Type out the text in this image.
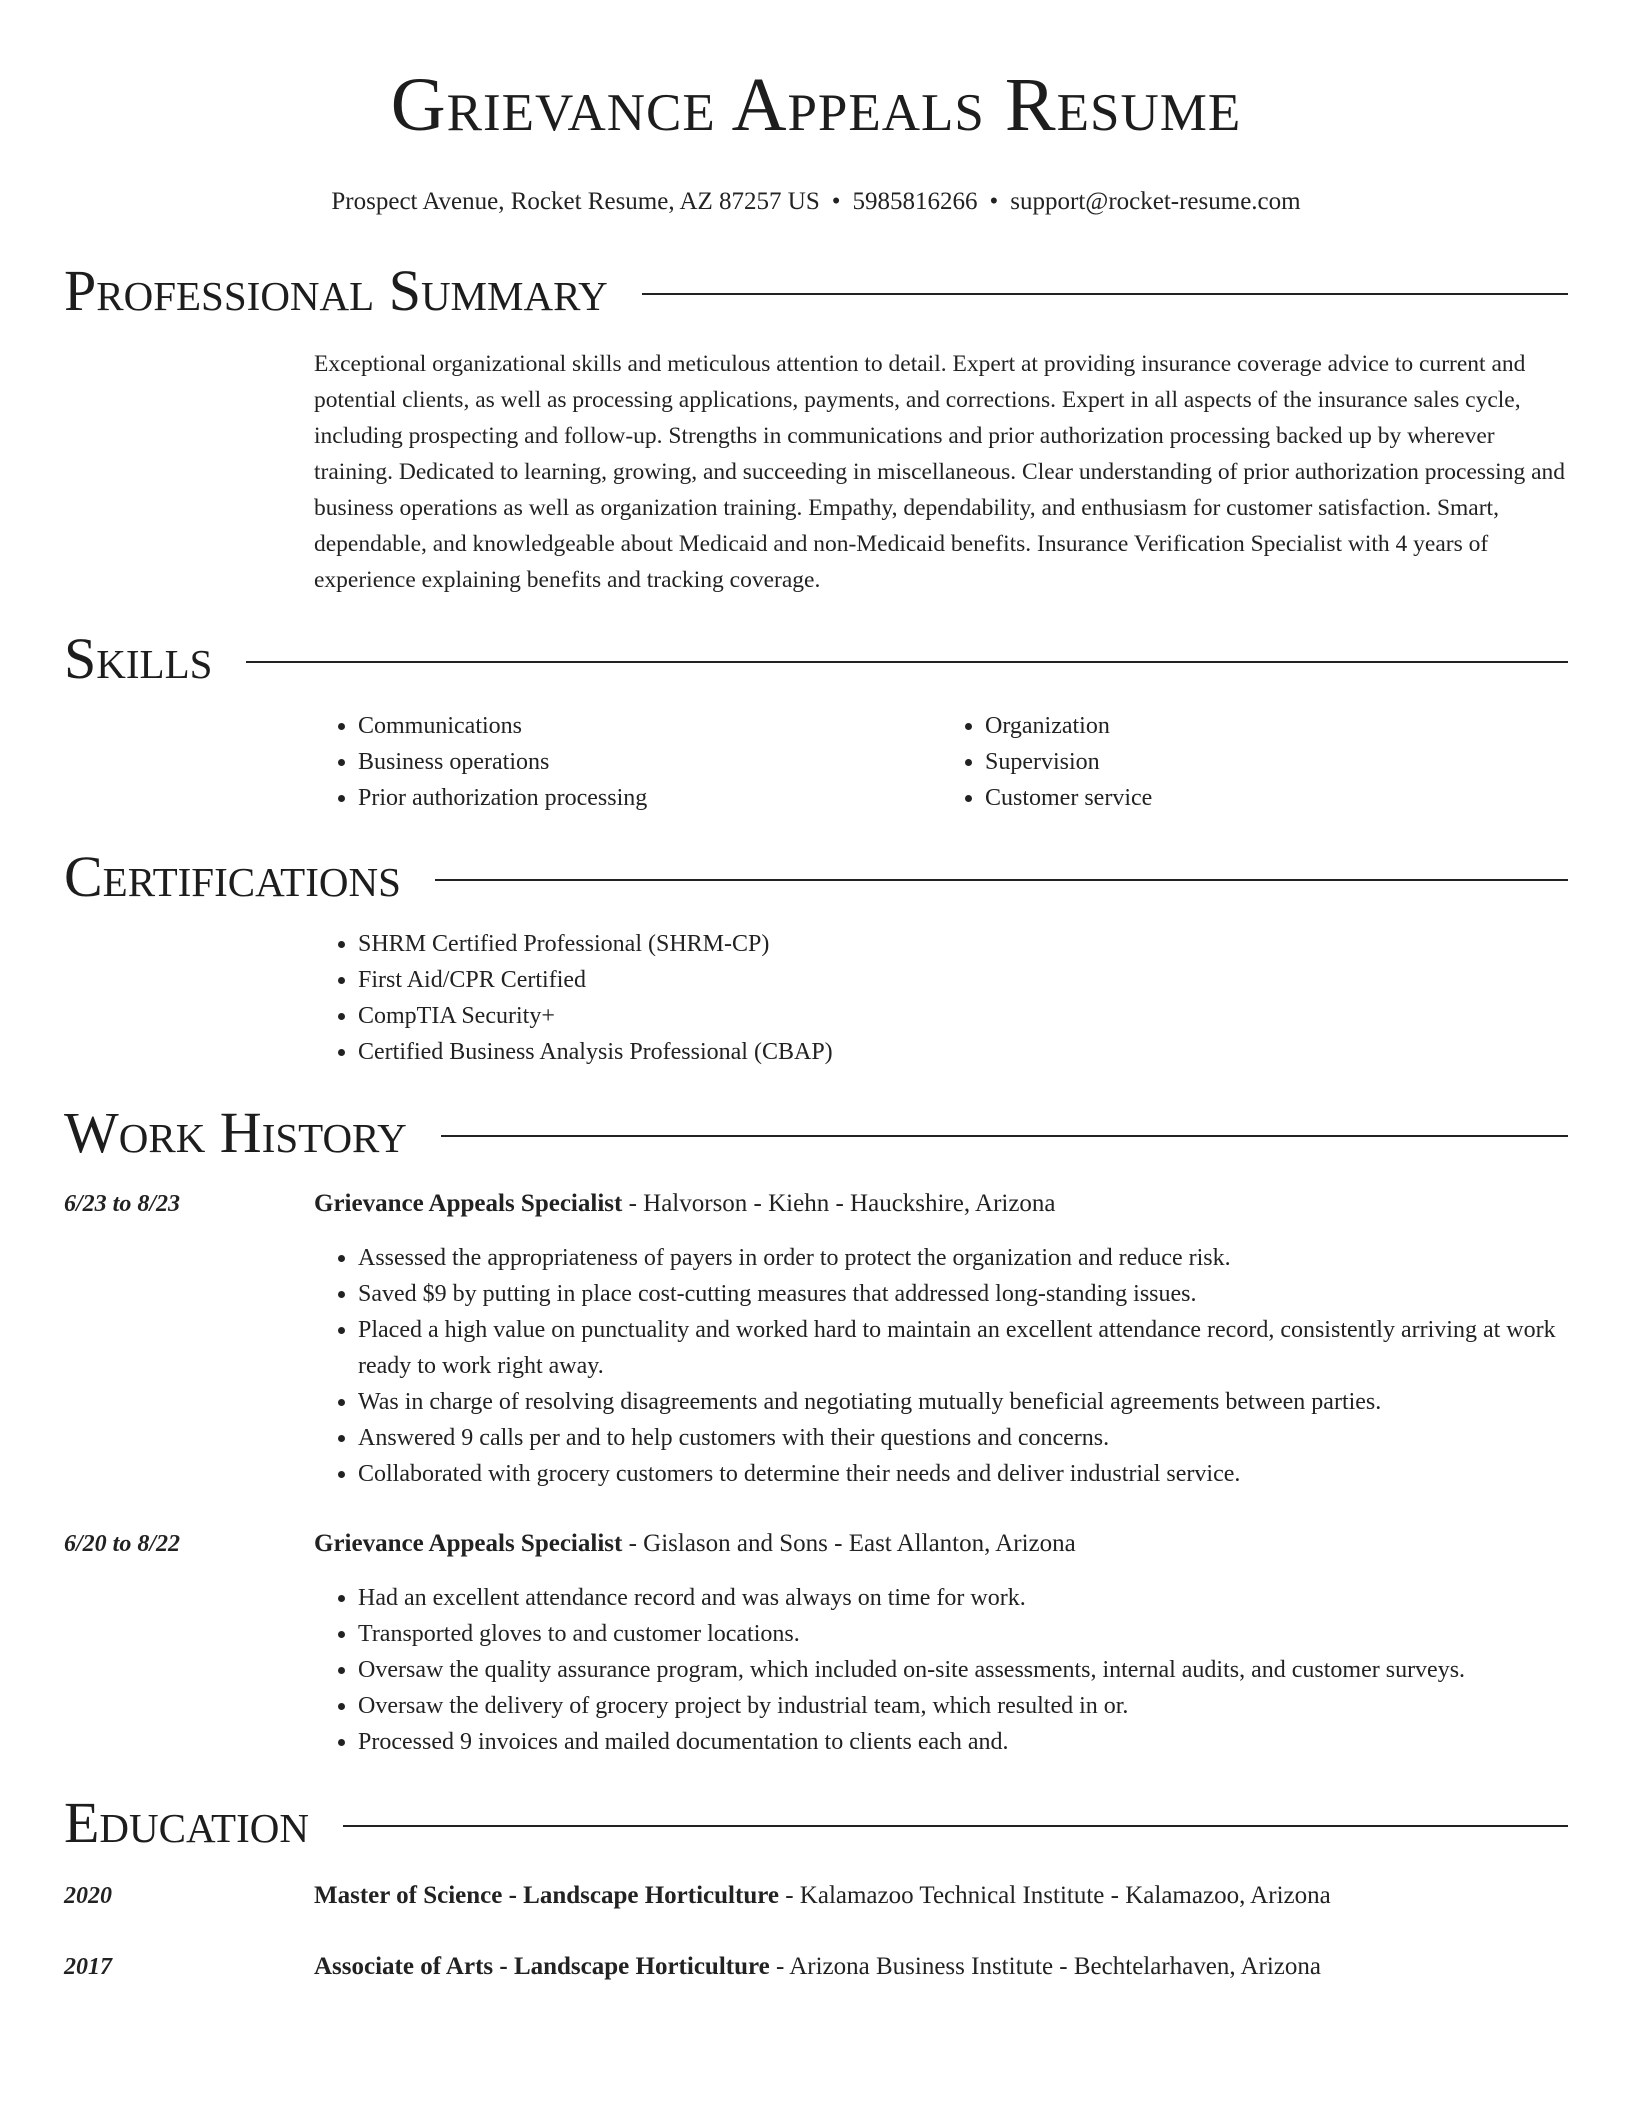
Grievance Appeals Resume
Prospect Avenue, Rocket Resume, AZ 87257 US • 5985816266 • support@rocket-resume.com
Professional Summary

Exceptional organizational skills and meticulous attention to detail. Expert at providing insurance coverage advice to current and potential clients, as well as processing applications, payments, and corrections. Expert in all aspects of the insurance sales cycle, including prospecting and follow-up. Strengths in communications and prior authorization processing backed up by wherever training. Dedicated to learning, growing, and succeeding in miscellaneous. Clear understanding of prior authorization processing and business operations as well as organization training. Empathy, dependability, and enthusiasm for customer satisfaction. Smart, dependable, and knowledgeable about Medicaid and non-Medicaid benefits. Insurance Verification Specialist with 4 years of experience explaining benefits and tracking coverage.

Skills
• Communications
• Business operations
• Prior authorization processing
• Organization
• Supervision
• Customer service
Certifications
• SHRM Certified Professional (SHRM-CP)
• First Aid/CPR Certified
• CompTIA Security+
• Certified Business Analysis Professional (CBAP)
Work History
6/23 to 8/23	Grievance Appeals Specialist - Halvorson - Kiehn - Hauckshire, Arizona
• Assessed the appropriateness of payers in order to protect the organization and reduce risk.
• Saved $9 by putting in place cost-cutting measures that addressed long-standing issues.
• Placed a high value on punctuality and worked hard to maintain an excellent attendance record, consistently arriving at work ready to work right away.
• Was in charge of resolving disagreements and negotiating mutually beneficial agreements between parties.
• Answered 9 calls per and to help customers with their questions and concerns.
• Collaborated with grocery customers to determine their needs and deliver industrial service.
6/20 to 8/22	Grievance Appeals Specialist - Gislason and Sons - East Allanton, Arizona
• Had an excellent attendance record and was always on time for work.
• Transported gloves to and customer locations.
• Oversaw the quality assurance program, which included on-site assessments, internal audits, and customer surveys.
• Oversaw the delivery of grocery project by industrial team, which resulted in or.
• Processed 9 invoices and mailed documentation to clients each and.
Education
2020	Master of Science - Landscape Horticulture - Kalamazoo Technical Institute - Kalamazoo, Arizona
2017	Associate of Arts - Landscape Horticulture - Arizona Business Institute - Bechtelarhaven, Arizona
